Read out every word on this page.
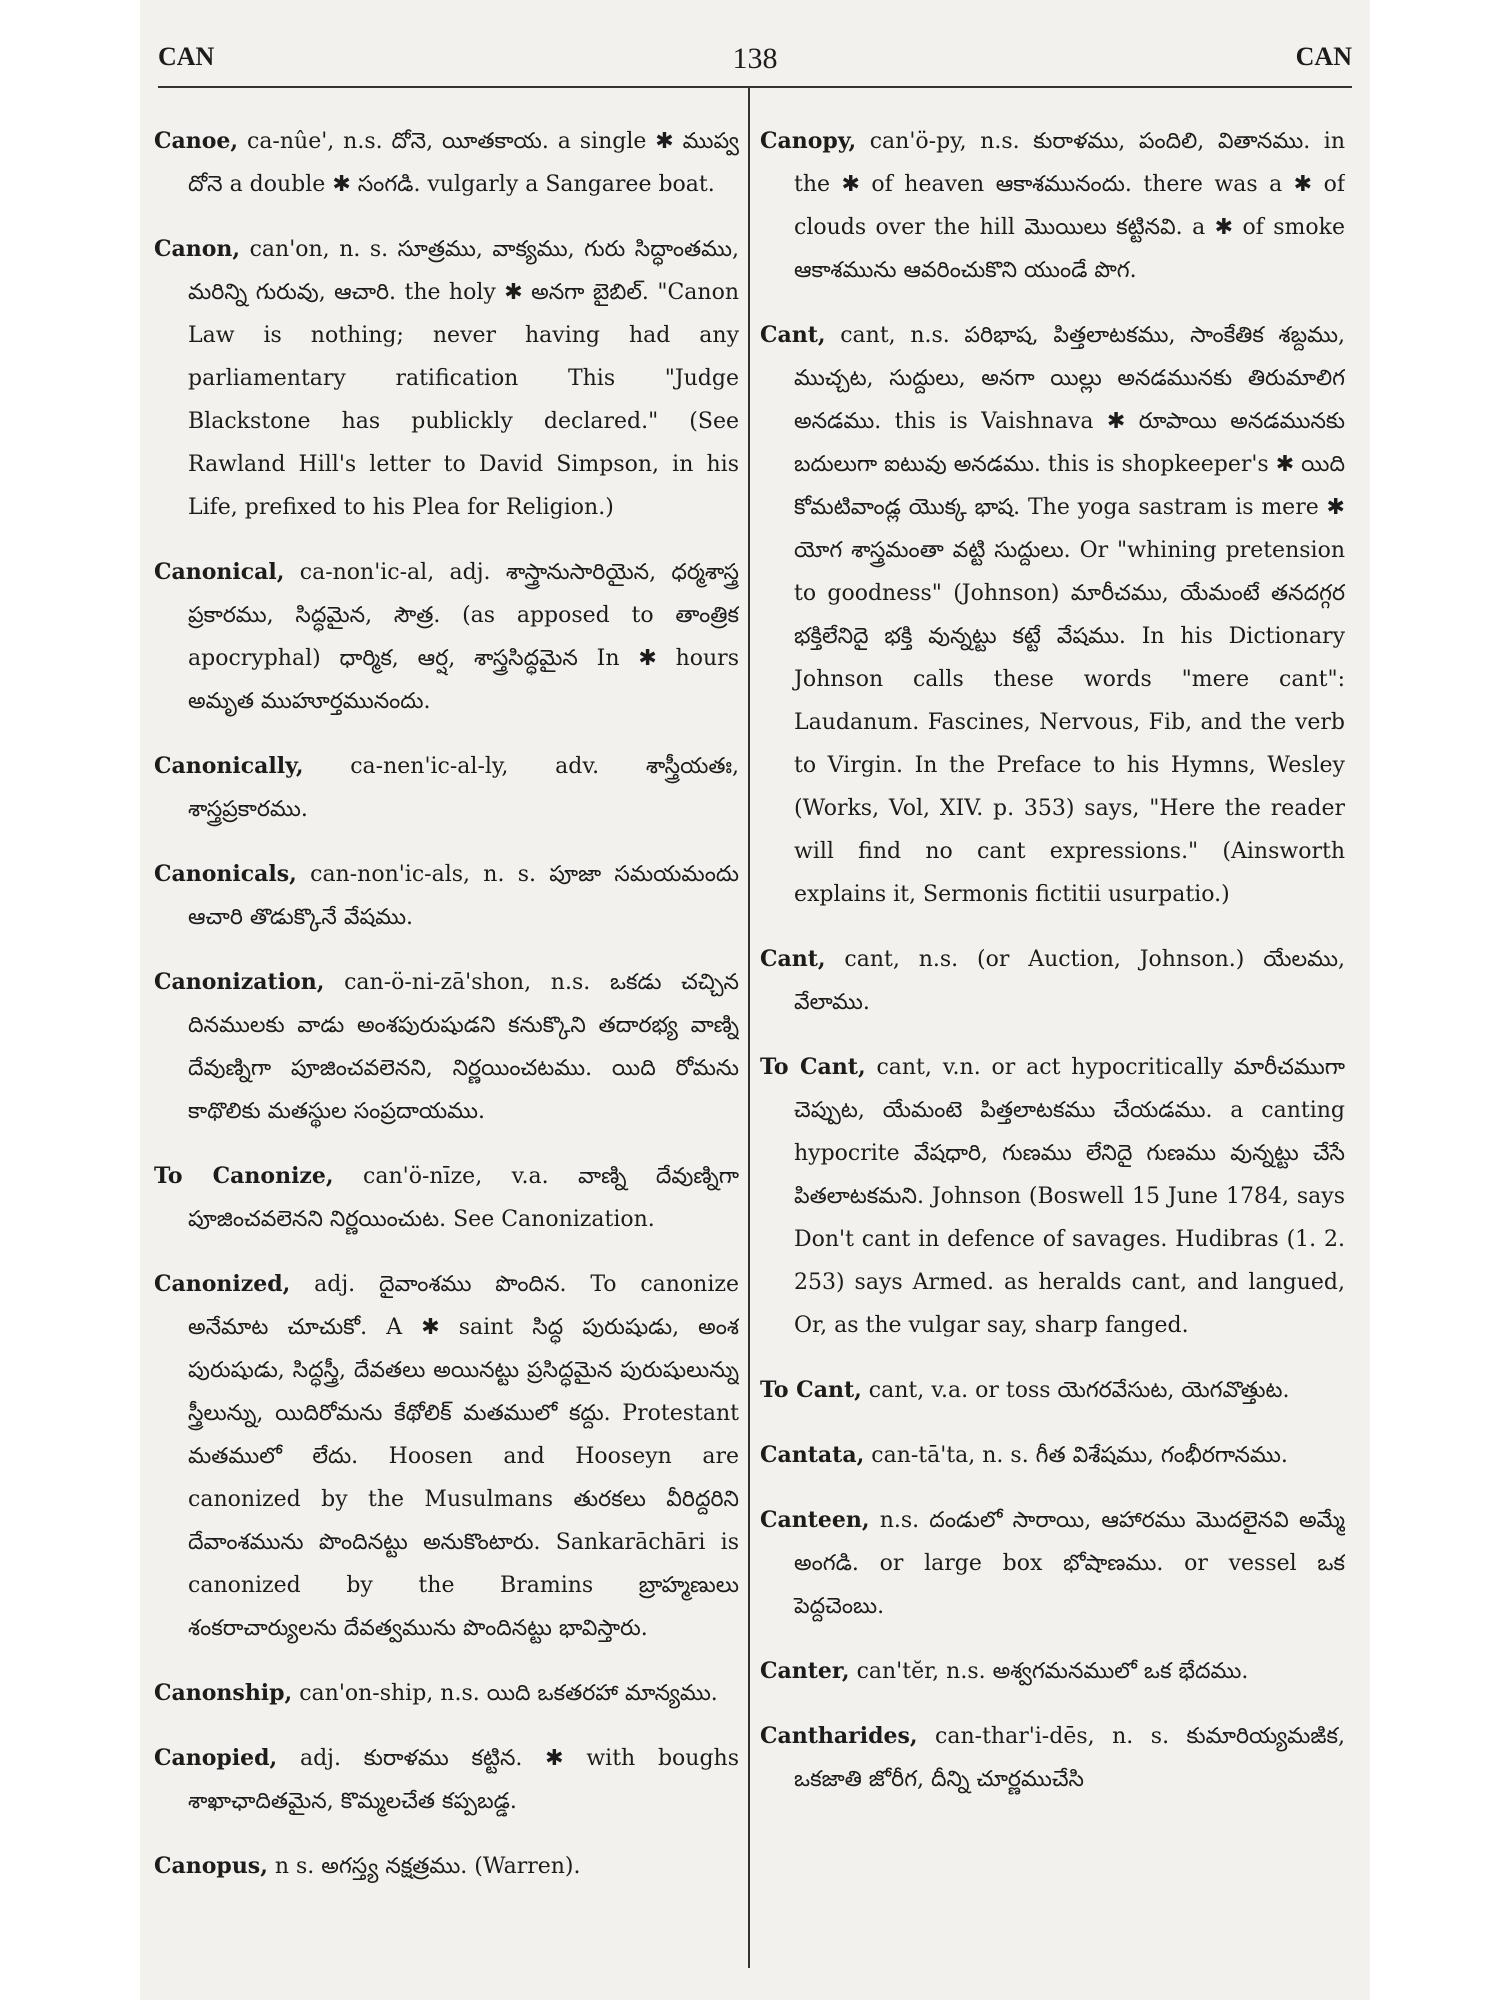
CAN	138	CAN

Canoe, ca-nûe', n.s. దోనె, యీతకాయ. a single ✱ ముప్వ దోనె a double ✱ సంగడి. vulgarly a Sangaree boat.

Canon, can'on, n. s. సూత్రము, వాక్యము, గురు సిద్ధాంతము, మరిన్ని గురువు, ఆచారి. the holy ✱ అనగా బైబిల్. "Canon Law is nothing; never having had any parliamentary ratification This "Judge Blackstone has publickly declared." (See Rawland Hill's letter to David Simpson, in his Life, prefixed to his Plea for Religion.)

Canonical, ca-non'ic-al, adj. శాస్త్రానుసారియైన, ధర్మశాస్త్ర ప్రకారము, సిద్ధమైన, సౌత్ర. (as apposed to తాంత్రిక apocryphal) ధార్మిక, ఆర్ష, శాస్త్రసిద్ధమైన In ✱ hours అమృత ముహూర్తమునందు.

Canonically, ca-nen'ic-al-ly, adv. శాస్త్రీయతః, శాస్త్రప్రకారము.

Canonicals, can-non'ic-als, n. s. పూజా సమయమందు ఆచారి తొడుక్కొనే వేషము.

Canonization, can-ö-ni-zā'shon, n.s. ఒకడు చచ్చిన దినములకు వాడు అంశపురుషుడని కనుక్కొని తదారభ్య వాణ్ని దేవుణ్నిగా పూజించవలెనని, నిర్ణయించటము. యిది రోమను కాథొలికు మతస్థుల సంప్రదాయము.

To Canonize, can'ö-nīze, v.a. వాణ్ని దేవుణ్నిగా పూజించవలెనని నిర్ణయించుట. See Canonization.

Canonized, adj. దైవాంశము పొందిన. To canonize అనేమాట చూచుకో. A ✱ saint సిద్ధ పురుషుడు, అంశ పురుషుడు, సిద్ధస్త్రీ, దేవతలు అయినట్టు ప్రసిద్ధమైన పురుషులున్ను స్త్రీలున్ను, యిదిరోమను కేథోలిక్ మతములో కద్దు. Protestant మతములో లేదు. Hoosen and Hooseyn are canonized by the Musulmans తురకలు వీరిద్దరిని దేవాంశమును పొందినట్టు అనుకొంటారు. Sankarāchāri is canonized by the Bramins బ్రాహ్మణులు శంకరాచార్యులను దేవత్వమును పొందినట్టు భావిస్తారు.

Canonship, can'on-ship, n.s. యిది ఒకతరహా మాన్యము.

Canopied, adj. కురాళము కట్టిన. ✱ with boughs శాఖాఛాదితమైన, కొమ్మలచేత కప్పబడ్డ.

Canopus, n s. అగస్త్య నక్షత్రము. (Warren).

Canopy, can'ö-py, n.s. కురాళము, పందిలి, వితానము. in the ✱ of heaven ఆకాశమునందు. there was a ✱ of clouds over the hill మొయిలు కట్టినవి. a ✱ of smoke ఆకాశమును ఆవరించుకొని యుండే పొగ.

Cant, cant, n.s. పరిభాష, పిత్తలాటకము, సాంకేతిక శబ్దము, ముచ్చట, సుద్దులు, అనగా యిల్లు అనడమునకు తిరుమాలిగ అనడము. this is Vaishnava ✱ రూపాయి అనడమునకు బదులుగా ఐటువు అనడము. this is shopkeeper's ✱ యిది కోమటివాండ్ల యొక్క భాష. The yoga sastram is mere ✱ యోగ శాస్త్రమంతా వట్టి సుద్దులు. Or "whining pretension to goodness" (Johnson) మారీచము, యేమంటే తనదగ్గర భక్తిలేనిదై భక్తి వున్నట్టు కట్టే వేషము. In his Dictionary Johnson calls these words "mere cant": Laudanum. Fascines, Nervous, Fib, and the verb to Virgin. In the Preface to his Hymns, Wesley (Works, Vol, XIV. p. 353) says, "Here the reader will find no cant expressions." (Ainsworth explains it, Sermonis fictitii usurpatio.)

Cant, cant, n.s. (or Auction, Johnson.) యేలము, వేలాము.

To Cant, cant, v.n. or act hypocritically మారీచముగా చెప్పుట, యేమంటె పిత్తలాటకము చేయడము. a canting hypocrite వేషధారి, గుణము లేనిదై గుణము వున్నట్టు చేసే పితలాటకమని. Johnson (Boswell 15 June 1784, says Don't cant in defence of savages. Hudibras (1. 2. 253) says Armed. as heralds cant, and langued, Or, as the vulgar say, sharp fanged.

To Cant, cant, v.a. or toss యెగరవేసుట, యెగవొత్తుట.

Cantata, can-tā'ta, n. s. గీత విశేషము, గంభీరగానము.

Canteen, n.s. దండులో సారాయి, ఆహారము మొదలైనవి అమ్మే అంగడి. or large box భోషాణము. or vessel ఒక పెద్దచెంబు.

Canter, can'tĕr, n.s. అశ్వగమనములో ఒక భేదము.

Cantharides, can-thar'i-dēs, n. s. కుమారియ్యమఙిక, ఒకజాతి జోరీగ, దీన్ని చూర్ణముచేసి
